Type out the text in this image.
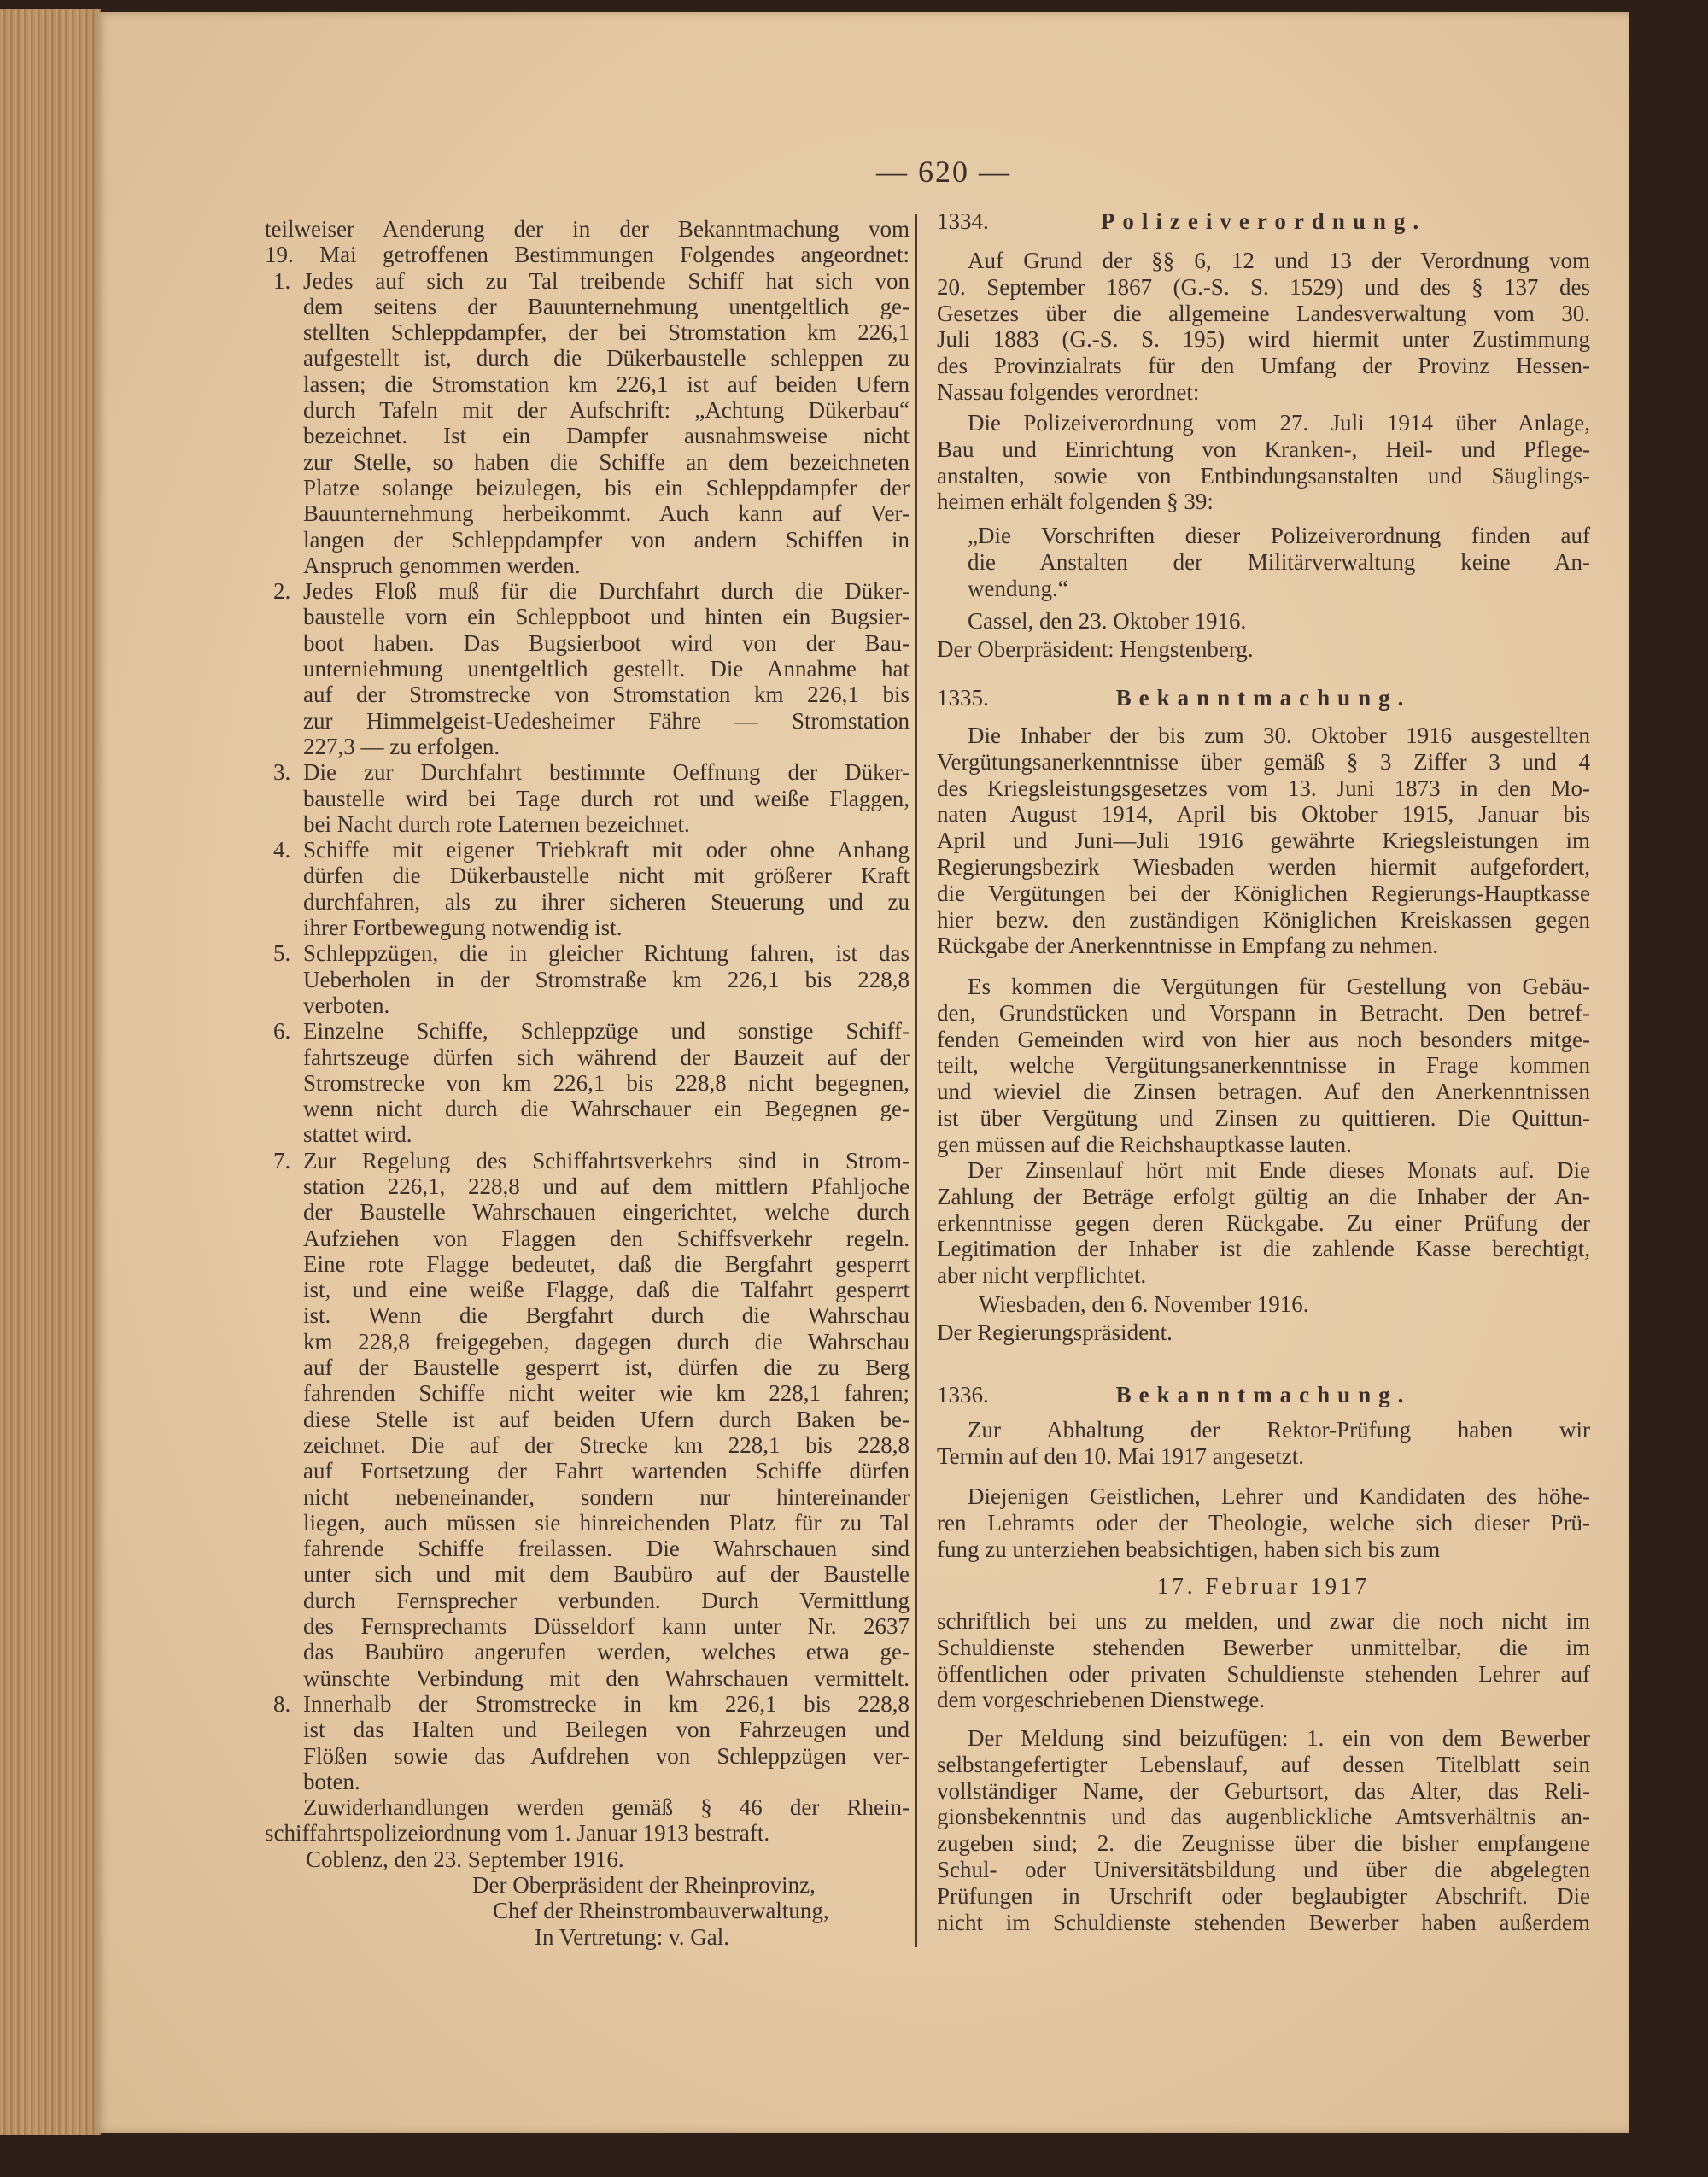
— 620 —
teilweiser Aenderung der in der Bekanntmachung vom
19. Mai getroffenen Bestimmungen Folgendes angeordnet:
1. Jedes auf sich zu Tal treibende Schiff hat sich von
dem seitens der Bauunternehmung unentgeltlich ge-
stellten Schleppdampfer, der bei Stromstation km 226,1
aufgestellt ist, durch die Dükerbaustelle schleppen zu
lassen; die Stromstation km 226,1 ist auf beiden Ufern
durch Tafeln mit der Aufschrift: „Achtung Dükerbau“
bezeichnet. Ist ein Dampfer ausnahmsweise nicht
zur Stelle, so haben die Schiffe an dem bezeichneten
Platze solange beizulegen, bis ein Schleppdampfer der
Bauunternehmung herbeikommt. Auch kann auf Ver-
langen der Schleppdampfer von andern Schiffen in
Anspruch genommen werden.
2. Jedes Floß muß für die Durchfahrt durch die Düker-
baustelle vorn ein Schleppboot und hinten ein Bugsier-
boot haben. Das Bugsierboot wird von der Bau-
unterniehmung unentgeltlich gestellt. Die Annahme hat
auf der Stromstrecke von Stromstation km 226,1 bis
zur Himmelgeist-Uedesheimer Fähre — Stromstation
227,3 — zu erfolgen.
3. Die zur Durchfahrt bestimmte Oeffnung der Düker-
baustelle wird bei Tage durch rot und weiße Flaggen,
bei Nacht durch rote Laternen bezeichnet.
4. Schiffe mit eigener Triebkraft mit oder ohne Anhang
dürfen die Dükerbaustelle nicht mit größerer Kraft
durchfahren, als zu ihrer sicheren Steuerung und zu
ihrer Fortbewegung notwendig ist.
5. Schleppzügen, die in gleicher Richtung fahren, ist das
Ueberholen in der Stromstraße km 226,1 bis 228,8
verboten.
6. Einzelne Schiffe, Schleppzüge und sonstige Schiff-
fahrtszeuge dürfen sich während der Bauzeit auf der
Stromstrecke von km 226,1 bis 228,8 nicht begegnen,
wenn nicht durch die Wahrschauer ein Begegnen ge-
stattet wird.
7. Zur Regelung des Schiffahrtsverkehrs sind in Strom-
station 226,1, 228,8 und auf dem mittlern Pfahljoche
der Baustelle Wahrschauen eingerichtet, welche durch
Aufziehen von Flaggen den Schiffsverkehr regeln.
Eine rote Flagge bedeutet, daß die Bergfahrt gesperrt
ist, und eine weiße Flagge, daß die Talfahrt gesperrt
ist. Wenn die Bergfahrt durch die Wahrschau
km 228,8 freigegeben, dagegen durch die Wahrschau
auf der Baustelle gesperrt ist, dürfen die zu Berg
fahrenden Schiffe nicht weiter wie km 228,1 fahren;
diese Stelle ist auf beiden Ufern durch Baken be-
zeichnet. Die auf der Strecke km 228,1 bis 228,8
auf Fortsetzung der Fahrt wartenden Schiffe dürfen
nicht nebeneinander, sondern nur hintereinander
liegen, auch müssen sie hinreichenden Platz für zu Tal
fahrende Schiffe freilassen. Die Wahrschauen sind
unter sich und mit dem Baubüro auf der Baustelle
durch Fernsprecher verbunden. Durch Vermittlung
des Fernsprechamts Düsseldorf kann unter Nr. 2637
das Baubüro angerufen werden, welches etwa ge-
wünschte Verbindung mit den Wahrschauen vermittelt.
8. Innerhalb der Stromstrecke in km 226,1 bis 228,8
ist das Halten und Beilegen von Fahrzeugen und
Flößen sowie das Aufdrehen von Schleppzügen ver-
boten.
Zuwiderhandlungen werden gemäß § 46 der Rhein-
schiffahrtspolizeiordnung vom 1. Januar 1913 bestraft.
Coblenz, den 23. September 1916.
Der Oberpräsident der Rheinprovinz,
Chef der Rheinstrombauverwaltung,
In Vertretung: v. Gal.
1334.	Polizeiverordnung.
Auf Grund der §§ 6, 12 und 13 der Verordnung vom
20. September 1867 (G.-S. S. 1529) und des § 137 des
Gesetzes über die allgemeine Landesverwaltung vom 30.
Juli 1883 (G.-S. S. 195) wird hiermit unter Zustimmung
des Provinzialrats für den Umfang der Provinz Hessen-
Nassau folgendes verordnet:
Die Polizeiverordnung vom 27. Juli 1914 über Anlage,
Bau und Einrichtung von Kranken-, Heil- und Pflege-
anstalten, sowie von Entbindungsanstalten und Säuglings-
heimen erhält folgenden § 39:
„Die Vorschriften dieser Polizeiverordnung finden auf
die Anstalten der Militärverwaltung keine An-
wendung.“
Cassel, den 23. Oktober 1916.
Der Oberpräsident: Hengstenberg.
1335.	Bekanntmachung.
Die Inhaber der bis zum 30. Oktober 1916 ausgestellten
Vergütungsanerkenntnisse über gemäß § 3 Ziffer 3 und 4
des Kriegsleistungsgesetzes vom 13. Juni 1873 in den Mo-
naten August 1914, April bis Oktober 1915, Januar bis
April und Juni—Juli 1916 gewährte Kriegsleistungen im
Regierungsbezirk Wiesbaden werden hiermit aufgefordert,
die Vergütungen bei der Königlichen Regierungs-Hauptkasse
hier bezw. den zuständigen Königlichen Kreiskassen gegen
Rückgabe der Anerkenntnisse in Empfang zu nehmen.
Es kommen die Vergütungen für Gestellung von Gebäu-
den, Grundstücken und Vorspann in Betracht. Den betref-
fenden Gemeinden wird von hier aus noch besonders mitge-
teilt, welche Vergütungsanerkenntnisse in Frage kommen
und wieviel die Zinsen betragen. Auf den Anerkenntnissen
ist über Vergütung und Zinsen zu quittieren. Die Quittun-
gen müssen auf die Reichshauptkasse lauten.
Der Zinsenlauf hört mit Ende dieses Monats auf. Die
Zahlung der Beträge erfolgt gültig an die Inhaber der An-
erkenntnisse gegen deren Rückgabe. Zu einer Prüfung der
Legitimation der Inhaber ist die zahlende Kasse berechtigt,
aber nicht verpflichtet.
Wiesbaden, den 6. November 1916.
Der Regierungspräsident.
1336.	Bekanntmachung.
Zur Abhaltung der Rektor-Prüfung haben wir
Termin auf den 10. Mai 1917 angesetzt.
Diejenigen Geistlichen, Lehrer und Kandidaten des höhe-
ren Lehramts oder der Theologie, welche sich dieser Prü-
fung zu unterziehen beabsichtigen, haben sich bis zum
17. Februar 1917
schriftlich bei uns zu melden, und zwar die noch nicht im
Schuldienste stehenden Bewerber unmittelbar, die im
öffentlichen oder privaten Schuldienste stehenden Lehrer auf
dem vorgeschriebenen Dienstwege.
Der Meldung sind beizufügen: 1. ein von dem Bewerber
selbstangefertigter Lebenslauf, auf dessen Titelblatt sein
vollständiger Name, der Geburtsort, das Alter, das Reli-
gionsbekenntnis und das augenblickliche Amtsverhältnis an-
zugeben sind; 2. die Zeugnisse über die bisher empfangene
Schul- oder Universitätsbildung und über die abgelegten
Prüfungen in Urschrift oder beglaubigter Abschrift. Die
nicht im Schuldienste stehenden Bewerber haben außerdem
